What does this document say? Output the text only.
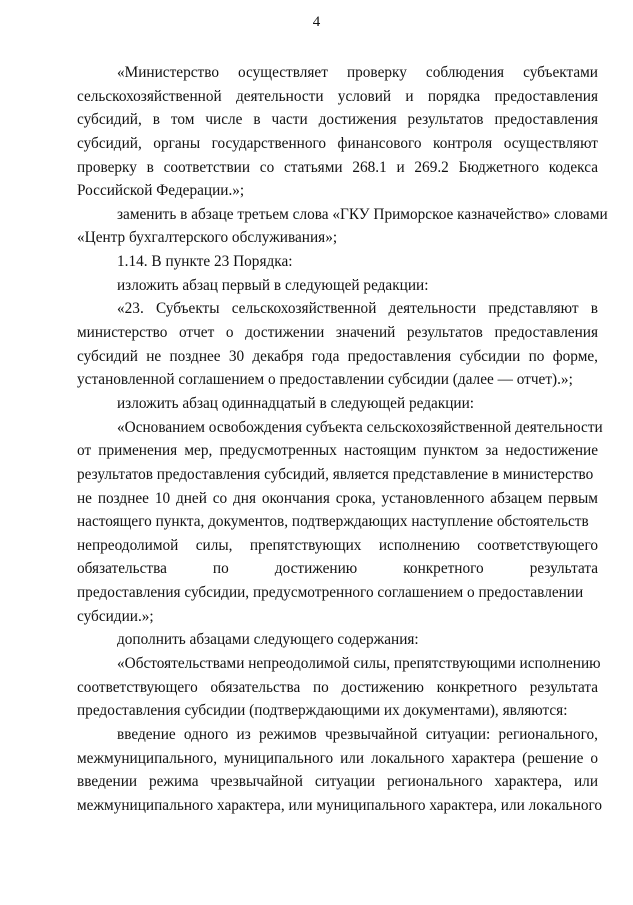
4
«Министерство осуществляет проверку соблюдения субъектами
сельскохозяйственной деятельности условий и порядка предоставления
субсидий, в том числе в части достижения результатов предоставления
субсидий, органы государственного финансового контроля осуществляют
проверку в соответствии со статьями 268.1 и 269.2 Бюджетного кодекса
Российской Федерации.»;
заменить в абзаце третьем слова «ГКУ Приморское казначейство» словами
«Центр бухгалтерского обслуживания»;
1.14. В пункте 23 Порядка:
изложить абзац первый в следующей редакции:
«23. Субъекты сельскохозяйственной деятельности представляют в
министерство отчет о достижении значений результатов предоставления
субсидий не позднее 30 декабря года предоставления субсидии по форме,
установленной соглашением о предоставлении субсидии (далее — отчет).»;
изложить абзац одиннадцатый в следующей редакции:
«Основанием освобождения субъекта сельскохозяйственной деятельности
от применения мер, предусмотренных настоящим пунктом за недостижение
результатов предоставления субсидий, является представление в министерство
не позднее 10 дней со дня окончания срока, установленного абзацем первым
настоящего пункта, документов, подтверждающих наступление обстоятельств
непреодолимой силы, препятствующих исполнению соответствующего
обязательства по достижению конкретного результата
предоставления субсидии, предусмотренного соглашением о предоставлении
субсидии.»;
дополнить абзацами следующего содержания:
«Обстоятельствами непреодолимой силы, препятствующими исполнению
соответствующего обязательства по достижению конкретного результата
предоставления субсидии (подтверждающими их документами), являются:
введение одного из режимов чрезвычайной ситуации: регионального,
межмуниципального, муниципального или локального характера (решение о
введении режима чрезвычайной ситуации регионального характера, или
межмуниципального характера, или муниципального характера, или локального
